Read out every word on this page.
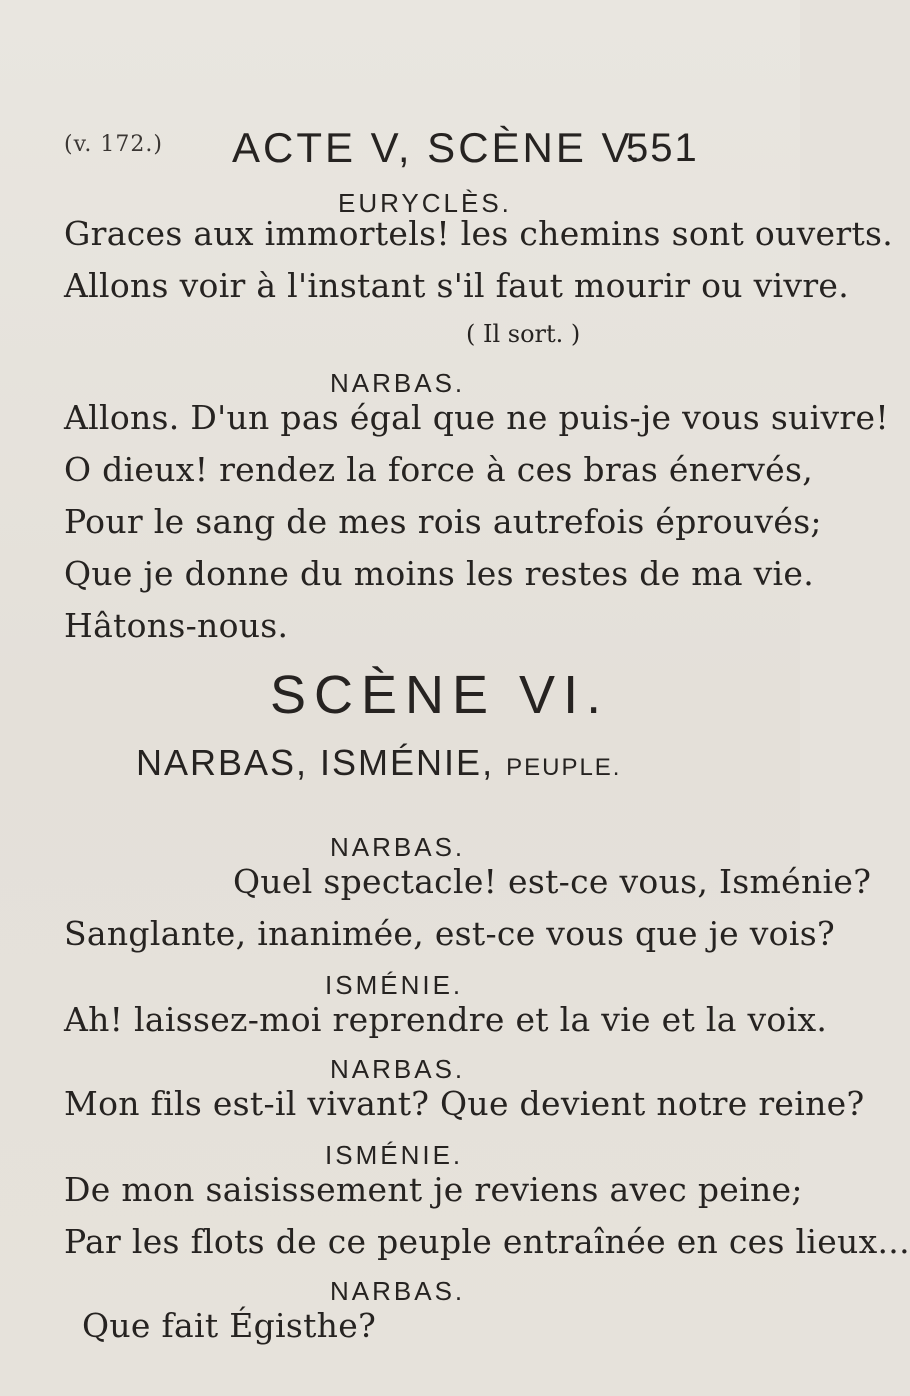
(v. 172.) ACTE V, SCÈNE V.
551
EURYCLÈS.
Graces aux immortels! les chemins sont ouverts.
Allons voir à l'instant s'il faut mourir ou vivre.
( Il sort. )
NARBAS.
Allons. D'un pas égal que ne puis-je vous suivre!
O dieux! rendez la force à ces bras énervés,
Pour le sang de mes rois autrefois éprouvés;
Que je donne du moins les restes de ma vie.
Hâtons-nous.
SCÈNE VI.
NARBAS, ISMÉNIE, PEUPLE.
NARBAS.
Quel spectacle! est-ce vous, Isménie?
Sanglante, inanimée, est-ce vous que je vois?
ISMÉNIE.
Ah! laissez-moi reprendre et la vie et la voix.
NARBAS.
Mon fils est-il vivant? Que devient notre reine?
ISMÉNIE.
De mon saisissement je reviens avec peine;
Par les flots de ce peuple entraînée en ces lieux...
NARBAS.
Que fait Égisthe?
